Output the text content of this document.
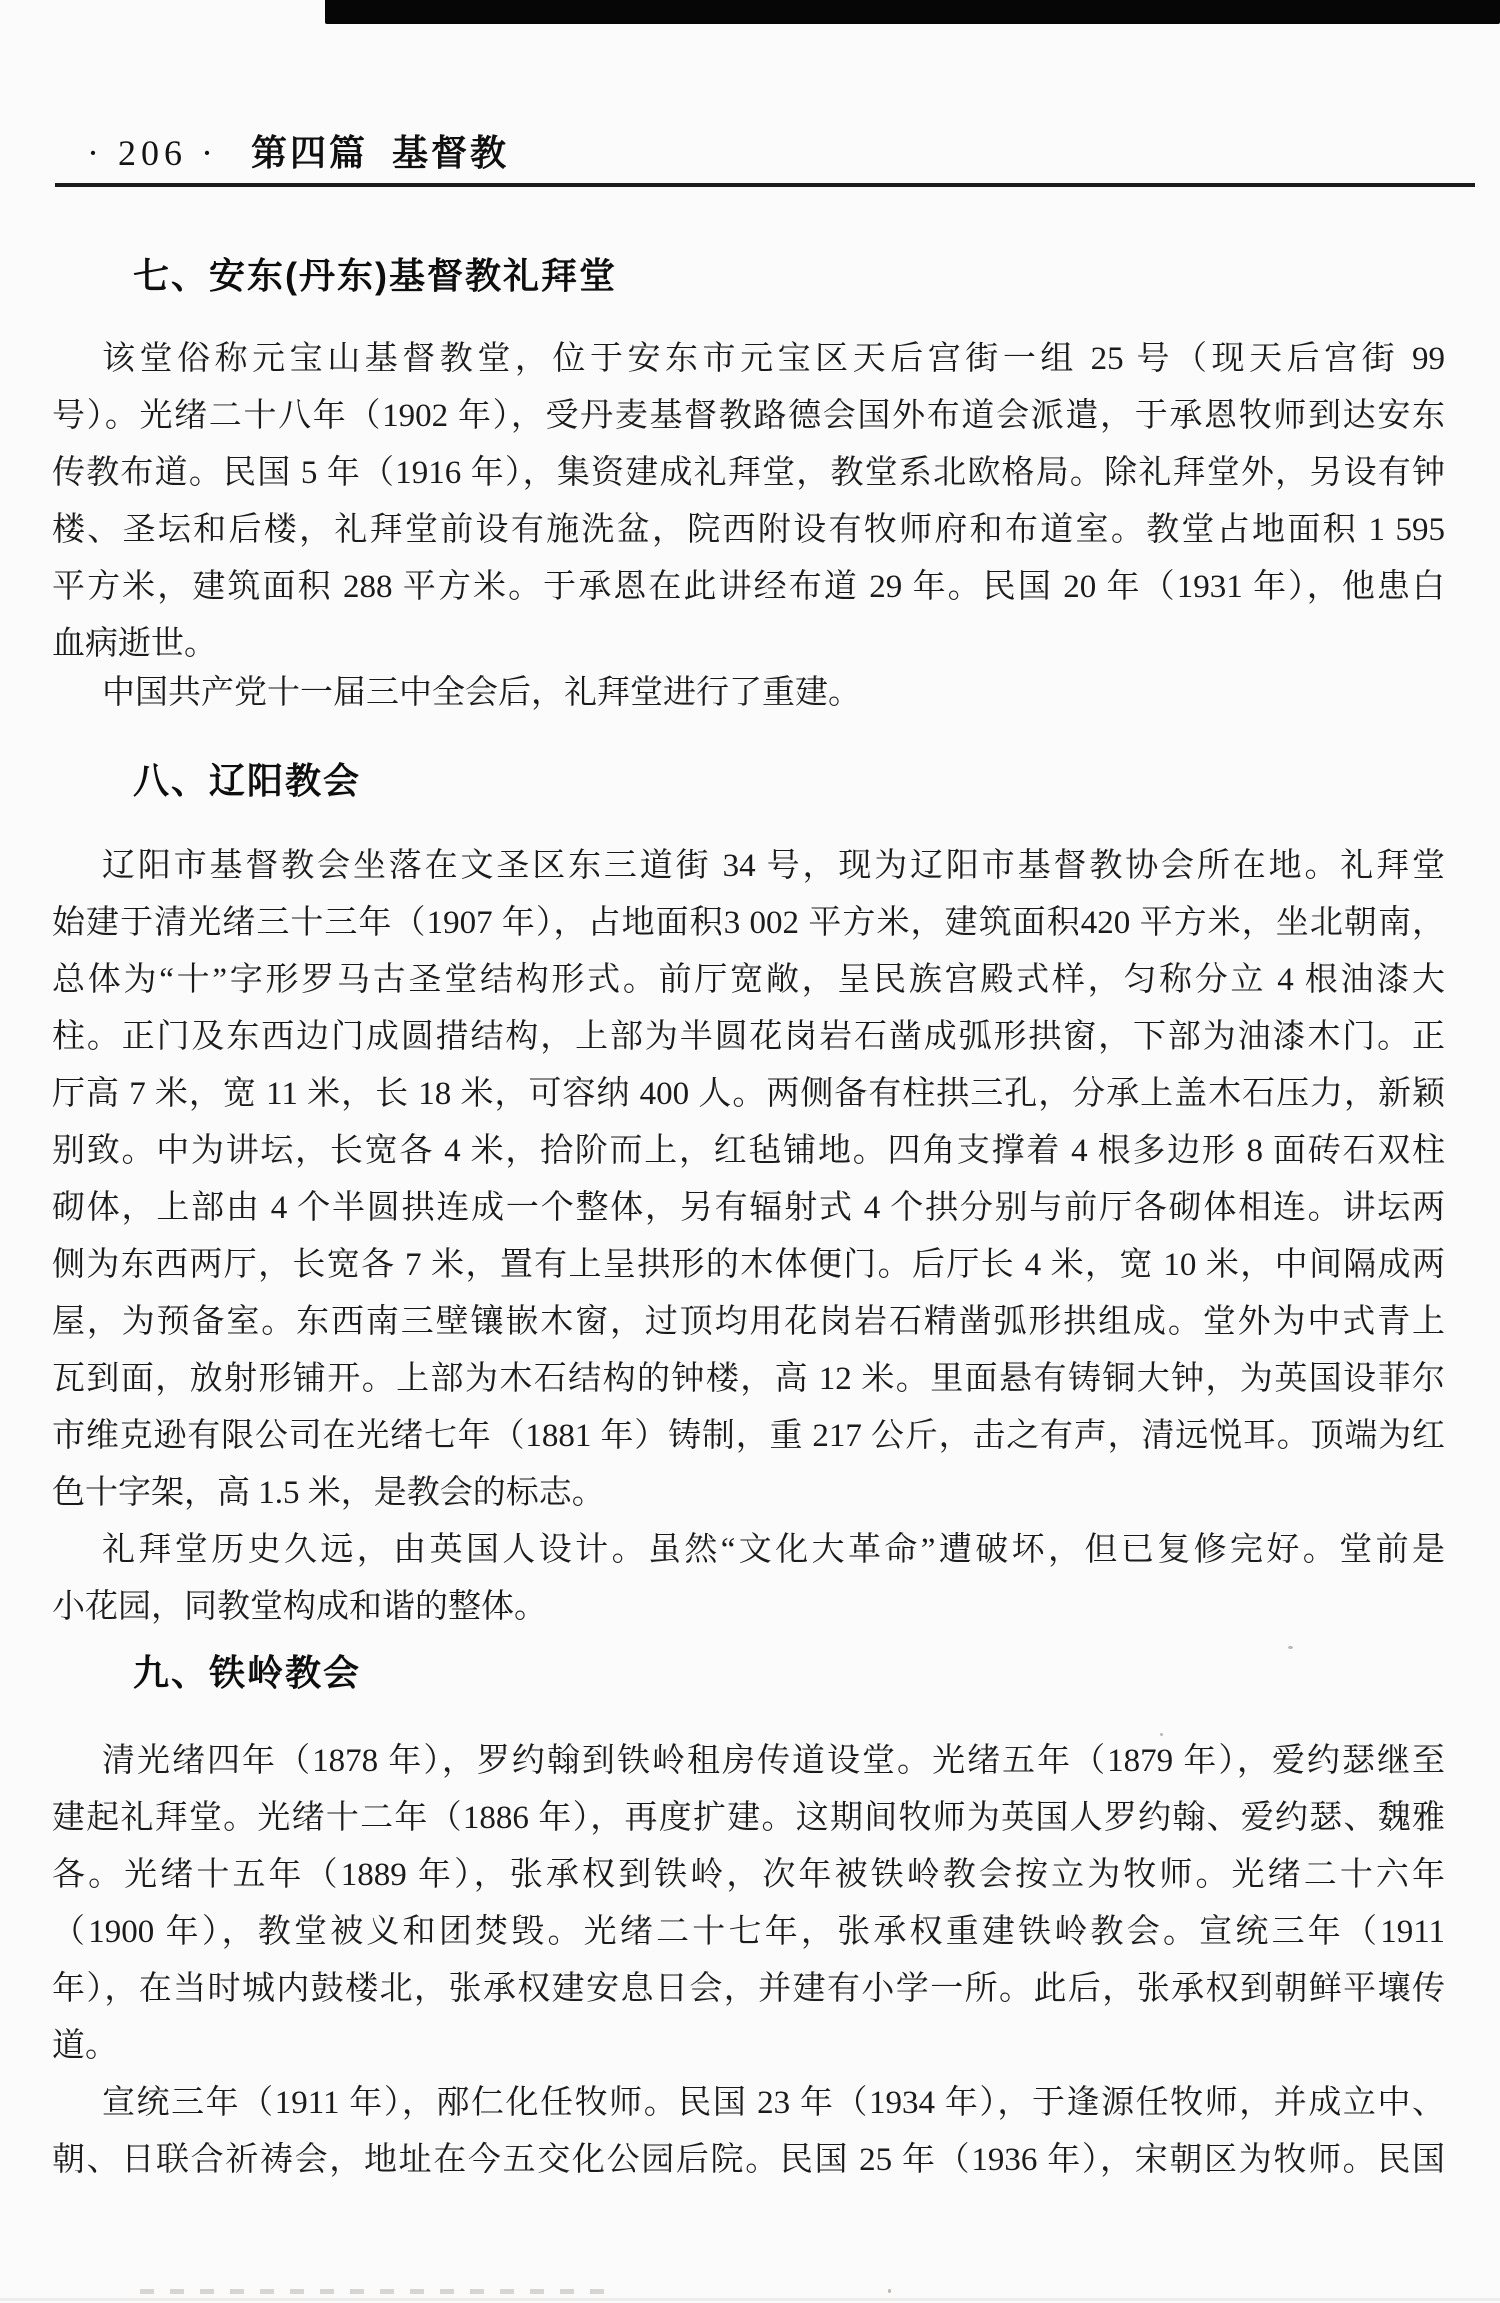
· 206 · 第四篇 基督教
七、安东(丹东)基督教礼拜堂
该堂俗称元宝山基督教堂，位于安东市元宝区天后宫街一组 25 号（现天后宫街 99
号）。光绪二十八年（1902 年），受丹麦基督教路德会国外布道会派遣，于承恩牧师到达安东
传教布道。民国 5 年（1916 年），集资建成礼拜堂，教堂系北欧格局。除礼拜堂外，另设有钟
楼、圣坛和后楼，礼拜堂前设有施洗盆，院西附设有牧师府和布道室。教堂占地面积 1 595
平方米，建筑面积 288 平方米。于承恩在此讲经布道 29 年。民国 20 年（1931 年），他患白
血病逝世。
中国共产党十一届三中全会后，礼拜堂进行了重建。
八、辽阳教会
辽阳市基督教会坐落在文圣区东三道街 34 号，现为辽阳市基督教协会所在地。礼拜堂
始建于清光绪三十三年（1907 年），占地面积3 002 平方米，建筑面积420 平方米，坐北朝南，
总体为“十”字形罗马古圣堂结构形式。前厅宽敞，呈民族宫殿式样，匀称分立 4 根油漆大
柱。正门及东西边门成圆措结构，上部为半圆花岗岩石凿成弧形拱窗，下部为油漆木门。正
厅高 7 米，宽 11 米，长 18 米，可容纳 400 人。两侧备有柱拱三孔，分承上盖木石压力，新颖
别致。中为讲坛，长宽各 4 米，拾阶而上，红毡铺地。四角支撑着 4 根多边形 8 面砖石双柱
砌体，上部由 4 个半圆拱连成一个整体，另有辐射式 4 个拱分别与前厅各砌体相连。讲坛两
侧为东西两厅，长宽各 7 米，置有上呈拱形的木体便门。后厅长 4 米，宽 10 米，中间隔成两
屋，为预备室。东西南三壁镶嵌木窗，过顶均用花岗岩石精凿弧形拱组成。堂外为中式青上
瓦到面，放射形铺开。上部为木石结构的钟楼，高 12 米。里面悬有铸铜大钟，为英国设菲尔
市维克逊有限公司在光绪七年（1881 年）铸制，重 217 公斤，击之有声，清远悦耳。顶端为红
色十字架，高 1.5 米，是教会的标志。
礼拜堂历史久远，由英国人设计。虽然“文化大革命”遭破坏，但已复修完好。堂前是
小花园，同教堂构成和谐的整体。
九、铁岭教会
清光绪四年（1878 年），罗约翰到铁岭租房传道设堂。光绪五年（1879 年），爱约瑟继至
建起礼拜堂。光绪十二年（1886 年），再度扩建。这期间牧师为英国人罗约翰、爱约瑟、魏雅
各。光绪十五年（1889 年），张承权到铁岭，次年被铁岭教会按立为牧师。光绪二十六年
（1900 年），教堂被义和团焚毁。光绪二十七年，张承权重建铁岭教会。宣统三年（1911
年），在当时城内鼓楼北，张承权建安息日会，并建有小学一所。此后，张承权到朝鲜平壤传
道。
宣统三年（1911 年），邴仁化任牧师。民国 23 年（1934 年），于逢源任牧师，并成立中、
朝、日联合祈祷会，地址在今五交化公园后院。民国 25 年（1936 年），宋朝区为牧师。民国
